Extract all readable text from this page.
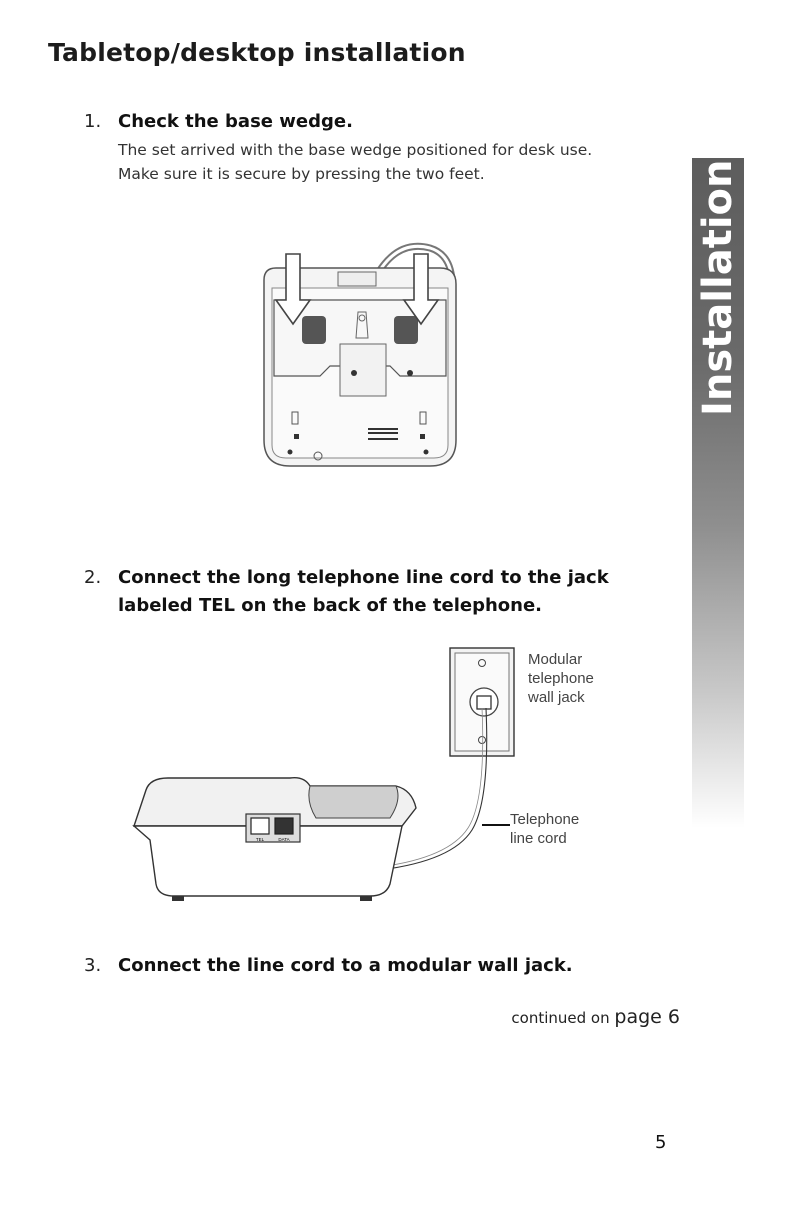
Tabletop/desktop installation
Installation
1. Check the base wedge.
The set arrived with the base wedge positioned for desk use.
Make sure it is secure by pressing the two feet.
2. Connect the long telephone line cord to the jack
labeled TEL on the back of the telephone.
TEL	DATA
Modular
telephone
wall jack
Telephone
line cord
3. Connect the line cord to a modular wall jack.
continued on page 6
5
